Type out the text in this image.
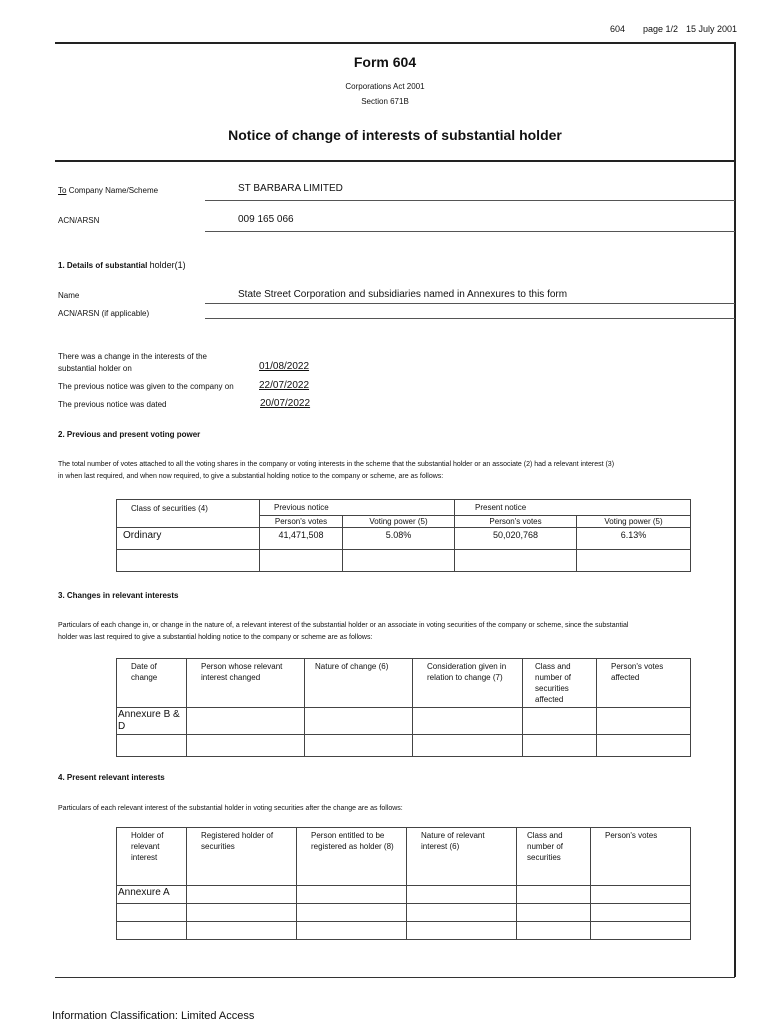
604 page 1/2 15 July 2001
Form 604
Corporations Act 2001
Section 671B
Notice of change of interests of substantial holder
To Company Name/Scheme	ST BARBARA LIMITED
ACN/ARSN	009 165 066
1. Details of substantial holder(1)
Name	State Street Corporation and subsidiaries named in Annexures to this form
ACN/ARSN (if applicable)
There was a change in the interests of the
substantial holder on	01/08/2022
The previous notice was given to the company on	22/07/2022
The previous notice was dated	20/07/2022
2. Previous and present voting power
The total number of votes attached to all the voting shares in the company or voting interests in the scheme that the substantial holder or an associate (2) had a relevant interest (3)
in when last required, and when now required, to give a substantial holding notice to the company or scheme, are as follows:
Class of securities (4)	Previous notice		Present notice	
	Person's votes	Voting power (5)	Person's votes	Voting power (5)
Ordinary	41,471,508	5.08%	50,020,768	6.13%

3. Changes in relevant interests
Particulars of each change in, or change in the nature of, a relevant interest of the substantial holder or an associate in voting securities of the company or scheme, since the substantial
holder was last required to give a substantial holding notice to the company or scheme are as follows:
Date of change	Person whose relevant interest changed	Nature of change (6)	Consideration given in relation to change (7)	Class and number of securities affected	Person's votes affected
Annexure B & D					

4. Present relevant interests
Particulars of each relevant interest of the substantial holder in voting securities after the change are as follows:
Holder of relevant interest	Registered holder of securities	Person entitled to be registered as holder (8)	Nature of relevant interest (6)	Class and number of securities	Person's votes
Annexure A					

Information Classification: Limited Access
